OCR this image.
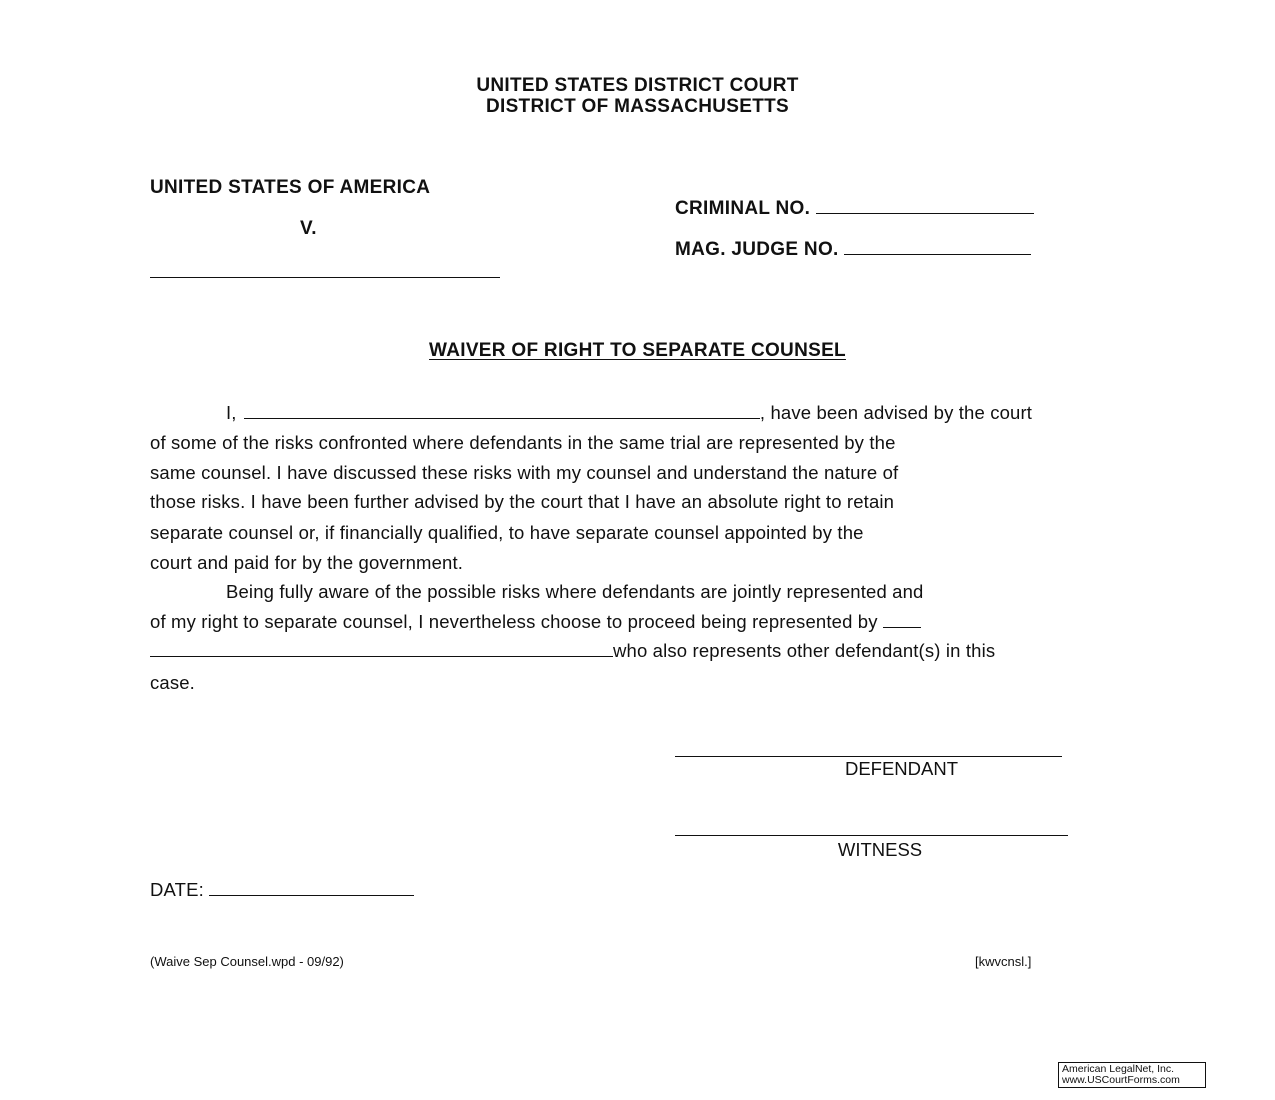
UNITED STATES DISTRICT COURT
DISTRICT OF MASSACHUSETTS
UNITED STATES OF AMERICA
V.
CRIMINAL NO.
MAG. JUDGE NO.
WAIVER OF RIGHT TO SEPARATE COUNSEL
I,	, have been advised by the court
of some of the risks confronted where defendants in the same trial are represented by the
same counsel. I have discussed these risks with my counsel and understand the nature of
those risks. I have been further advised by the court that I have an absolute right to retain
separate counsel or, if financially qualified, to have separate counsel appointed by the
court and paid for by the government.
Being fully aware of the possible risks where defendants are jointly represented and
of my right to separate counsel, I nevertheless choose to proceed being represented by
who also represents other defendant(s) in this
case.
DEFENDANT
WITNESS
DATE:
(Waive Sep Counsel.wpd - 09/92)	[kwvcnsl.]
American LegalNet, Inc.
www.USCourtForms.com
